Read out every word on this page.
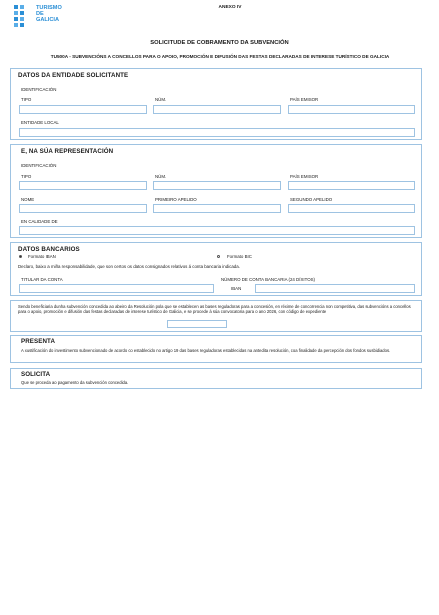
TURISMO
DE
GALICIA
ANEXO IV
SOLICITUDE DE COBRAMENTO DA SUBVENCIÓN
TU500A - SUBVENCIÓNS A CONCELLOS PARA O APOIO, PROMOCIÓN E DIFUSIÓN DAS FESTAS DECLARADAS DE INTERESE TURÍSTICO DE GALICIA
DATOS DA ENTIDADE SOLICITANTE
IDENTIFICACIÓN
TIPO	NÚM.	PAÍS EMISOR
ENTIDADE LOCAL
E, NA SÚA REPRESENTACIÓN
IDENTIFICACIÓN
TIPO	NÚM.	PAÍS EMISOR
NOME	PRIMEIRO APELIDO	SEGUNDO APELIDO
EN CALIDADE DE
DATOS BANCARIOS
Formato IBAN	Formato BIC
Declaro, baixo a miña responsabilidade, que son certos os datos consignados relativos á conta bancaria indicada.
TITULAR DA CONTA	NÚMERO DE CONTA BANCARIA (24 DÍXITOS)
IBAN
Sendo beneficiaria dunha subvención concedida ao abeiro da Resolución pola que se establecen as bases reguladoras para a concesión, en réxime de concorrencia non competitiva, das subvencións a concellos para o apoio, promoción e difusión das festas declaradas de interese turístico de Galicia, e se procede á súa convocatoria para o ano 2026, con código de expediente
PRESENTA
A xustificación do investimento subvencionado de acordo co establecido no artigo 19 das bases reguladoras establecidas na antedita resolución, coa finalidade da percepción dos fondos susbidiados.
SOLICITA
Que se proceda ao pagamento da subvención concedida.
